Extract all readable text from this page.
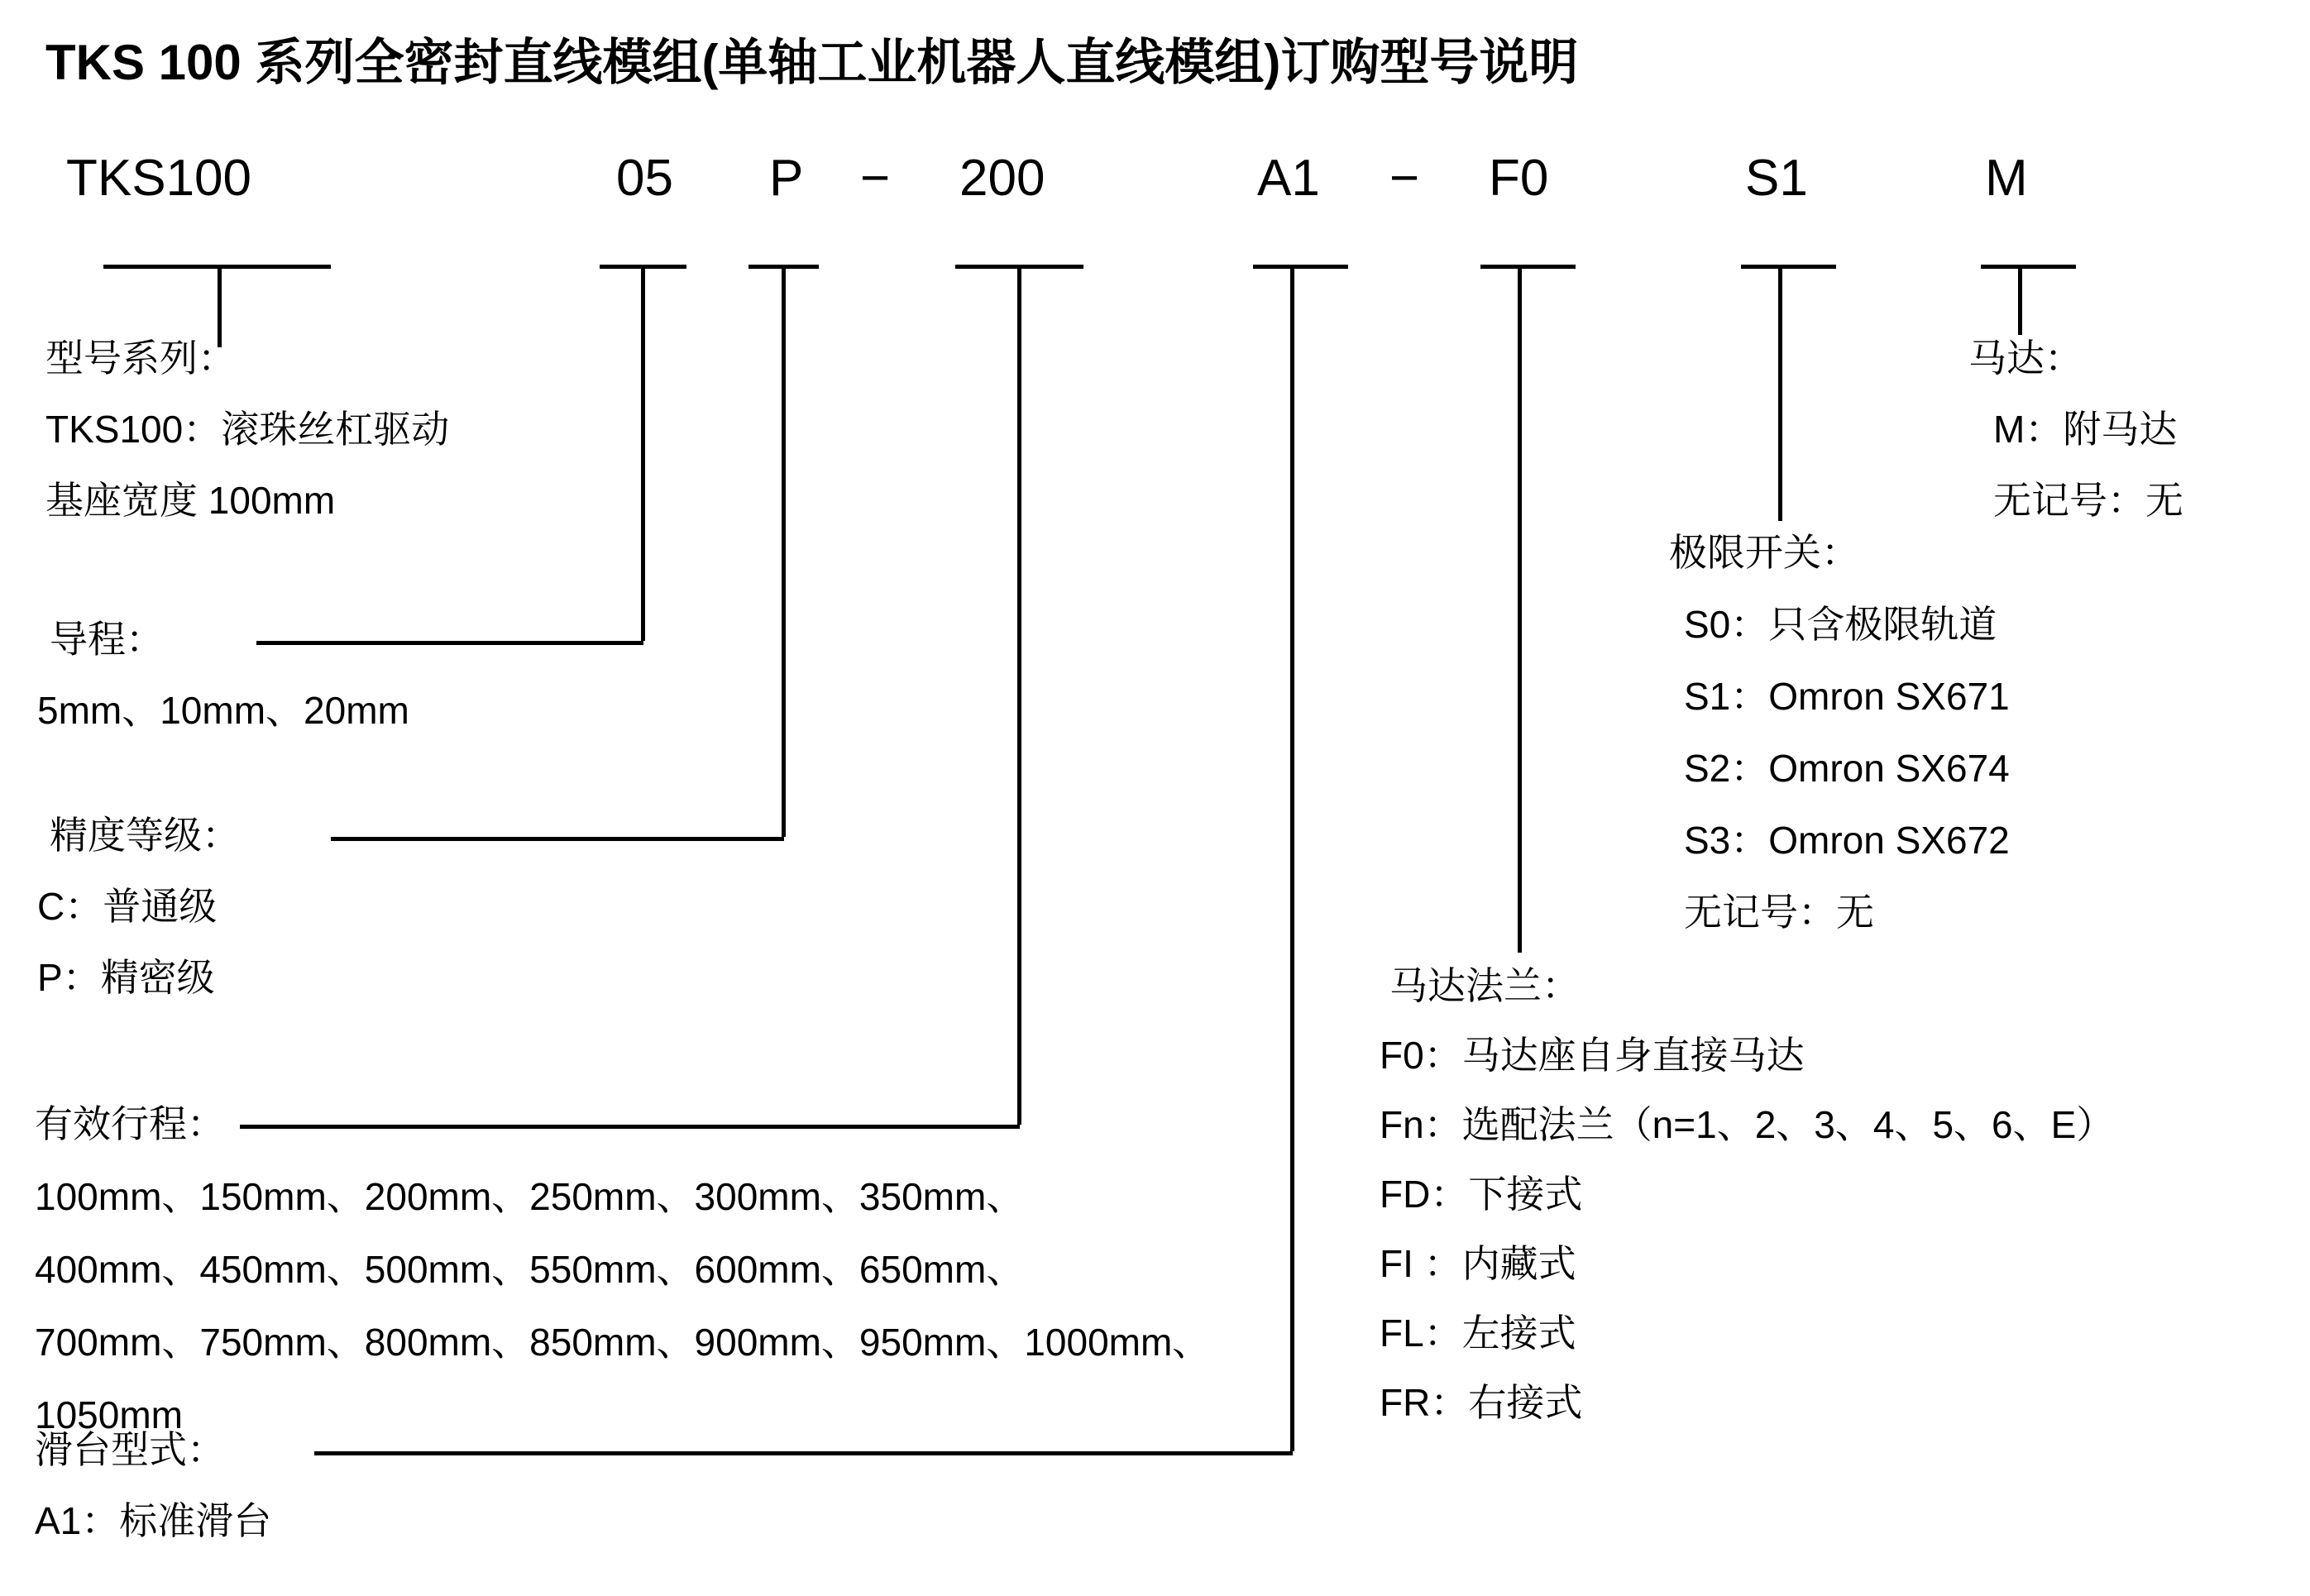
TKS 100 系列全密封直线模组(单轴工业机器人直线模组)订购型号说明
TKS100	05 P − 200	A1 − F0	S1	M
型号系列：
TKS100：滚珠丝杠驱动
基座宽度 100mm
导程：
5mm、10mm、20mm
精度等级：
C：普通级
P：精密级
有效行程：
100mm、150mm、200mm、250mm、300mm、350mm、
400mm、450mm、500mm、550mm、600mm、650mm、
700mm、750mm、800mm、850mm、900mm、950mm、1000mm、
1050mm
滑台型式：
A1：标准滑台
马达法兰：
F0：马达座自身直接马达
Fn：选配法兰（n=1、2、3、4、5、6、E）
FD：下接式
FI ：内藏式
FL：左接式
FR：右接式
极限开关：
S0：只含极限轨道
S1：Omron SX671
S2：Omron SX674
S3：Omron SX672
无记号：无
马达：
M：附马达
无记号：无
